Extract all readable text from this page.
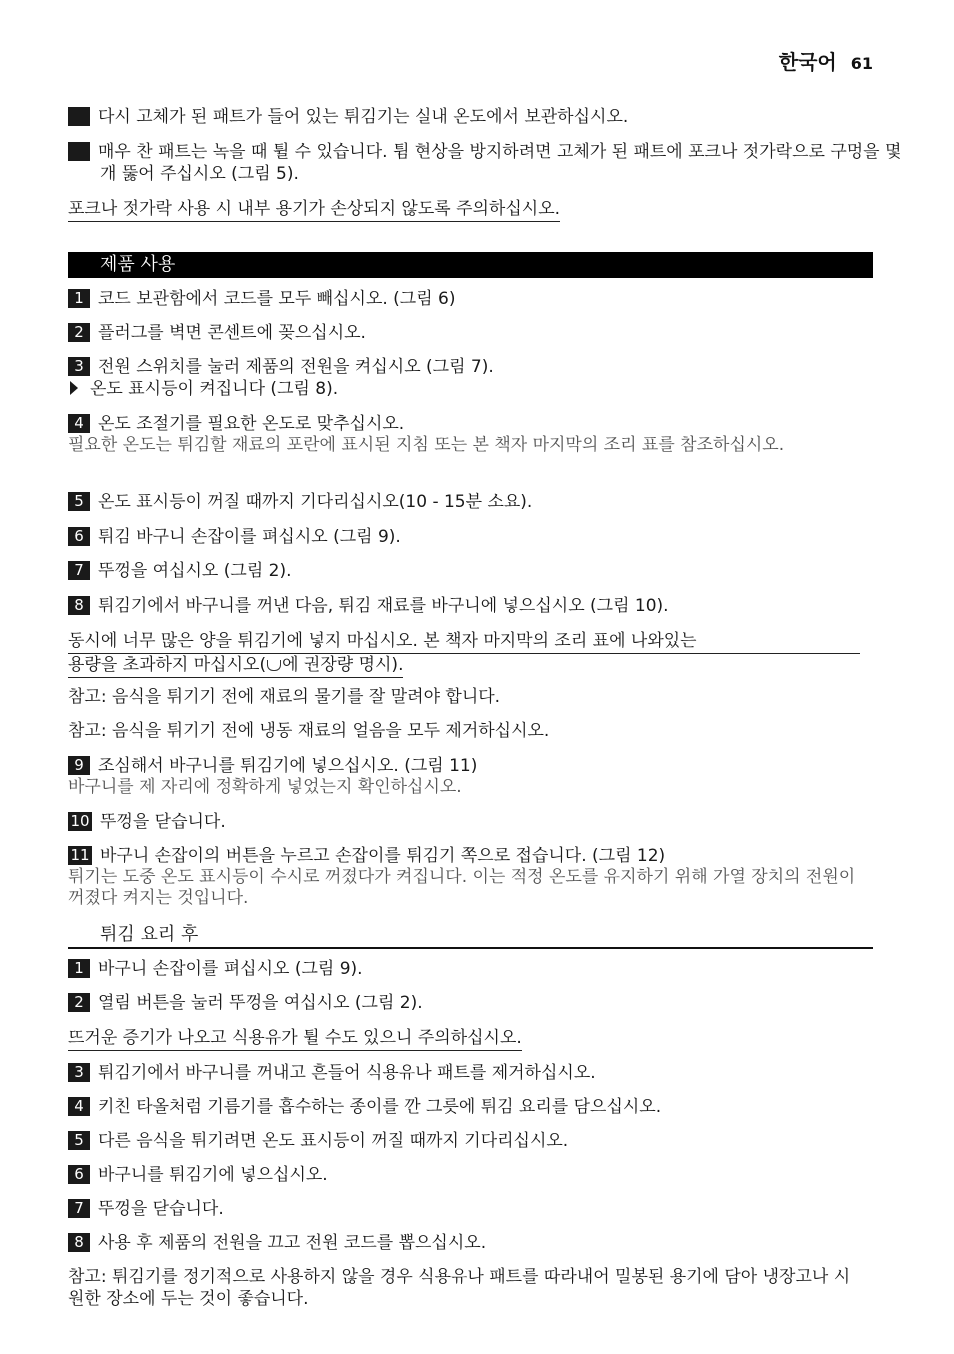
한국어 61
3 다시 고체가 된 패트가 들어 있는 튀김기는 실내 온도에서 보관하십시오.
4 매우 찬 패트는 녹을 때 튈 수 있습니다. 튐 현상을 방지하려면 고체가 된 패트에 포크나 젓가락으로 구멍을 몇 개 뚫어 주십시오 (그림 5).
포크나 젓가락 사용 시 내부 용기가 손상되지 않도록 주의하십시오.
제품 사용
1 코드 보관함에서 코드를 모두 빼십시오. (그림 6)
2 플러그를 벽면 콘센트에 꽂으십시오.
3 전원 스위치를 눌러 제품의 전원을 켜십시오 (그림 7).
온도 표시등이 켜집니다 (그림 8).
4 온도 조절기를 필요한 온도로 맞추십시오.
필요한 온도는 튀김할 재료의 포란에 표시된 지침 또는 본 책자 마지막의 조리 표를 참조하십시오.
5 온도 표시등이 꺼질 때까지 기다리십시오(10 - 15분 소요).
6 튀김 바구니 손잡이를 펴십시오 (그림 9).
7 뚜껑을 여십시오 (그림 2).
8 튀김기에서 바구니를 꺼낸 다음, 튀김 재료를 바구니에 넣으십시오 (그림 10).
동시에 너무 많은 양을 튀김기에 넣지 마십시오. 본 책자 마지막의 조리 표에 나와있는
용량을 초과하지 마십시오( 에 권장량 명시).
참고: 음식을 튀기기 전에 재료의 물기를 잘 말려야 합니다.
참고: 음식을 튀기기 전에 냉동 재료의 얼음을 모두 제거하십시오.
9 조심해서 바구니를 튀김기에 넣으십시오. (그림 11)
바구니를 제 자리에 정확하게 넣었는지 확인하십시오.
10 뚜껑을 닫습니다.
11 바구니 손잡이의 버튼을 누르고 손잡이를 튀김기 쪽으로 접습니다. (그림 12)
튀기는 도중 온도 표시등이 수시로 꺼졌다가 켜집니다. 이는 적정 온도를 유지하기 위해 가열 장치의 전원이 꺼졌다 켜지는 것입니다.
튀김 요리 후
1 바구니 손잡이를 펴십시오 (그림 9).
2 열림 버튼을 눌러 뚜껑을 여십시오 (그림 2).
뜨거운 증기가 나오고 식용유가 튈 수도 있으니 주의하십시오.
3 튀김기에서 바구니를 꺼내고 흔들어 식용유나 패트를 제거하십시오.
4 키친 타올처럼 기름기를 흡수하는 종이를 깐 그릇에 튀김 요리를 담으십시오.
5 다른 음식을 튀기려면 온도 표시등이 꺼질 때까지 기다리십시오.
6 바구니를 튀김기에 넣으십시오.
7 뚜껑을 닫습니다.
8 사용 후 제품의 전원을 끄고 전원 코드를 뽑으십시오.
참고: 튀김기를 정기적으로 사용하지 않을 경우 식용유나 패트를 따라내어 밀봉된 용기에 담아 냉장고나 시원한 장소에 두는 것이 좋습니다.
